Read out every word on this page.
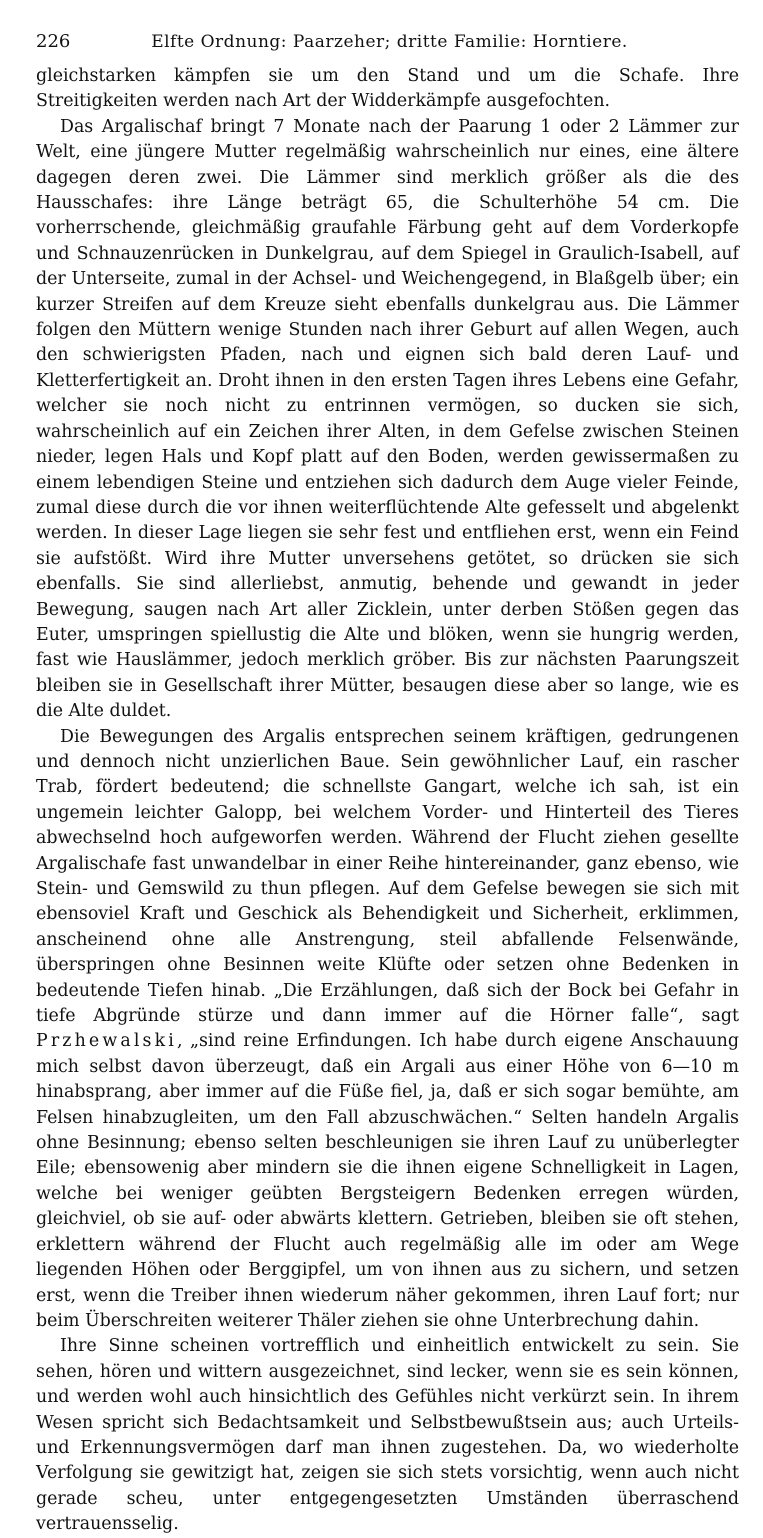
226	Elfte Ordnung: Paarzeher; dritte Familie: Horntiere.

gleichstarken kämpfen sie um den Stand und um die Schafe. Ihre Streitigkeiten werden nach Art der Widderkämpfe ausgefochten.

Das Argalischaf bringt 7 Monate nach der Paarung 1 oder 2 Lämmer zur Welt, eine jüngere Mutter regelmäßig wahrscheinlich nur eines, eine ältere dagegen deren zwei. Die Lämmer sind merklich größer als die des Hausschafes: ihre Länge beträgt 65, die Schulterhöhe 54 cm. Die vorherrschende, gleichmäßig graufahle Färbung geht auf dem Vorderkopfe und Schnauzenrücken in Dunkelgrau, auf dem Spiegel in Graulich-Isabell, auf der Unterseite, zumal in der Achsel- und Weichengegend, in Blaßgelb über; ein kurzer Streifen auf dem Kreuze sieht ebenfalls dunkelgrau aus. Die Lämmer folgen den Müttern wenige Stunden nach ihrer Geburt auf allen Wegen, auch den schwierigsten Pfaden, nach und eignen sich bald deren Lauf- und Kletterfertigkeit an. Droht ihnen in den ersten Tagen ihres Lebens eine Gefahr, welcher sie noch nicht zu entrinnen vermögen, so ducken sie sich, wahrscheinlich auf ein Zeichen ihrer Alten, in dem Gefelse zwischen Steinen nieder, legen Hals und Kopf platt auf den Boden, werden gewissermaßen zu einem lebendigen Steine und entziehen sich dadurch dem Auge vieler Feinde, zumal diese durch die vor ihnen weiterflüchtende Alte gefesselt und abgelenkt werden. In dieser Lage liegen sie sehr fest und entfliehen erst, wenn ein Feind sie aufstößt. Wird ihre Mutter unversehens getötet, so drücken sie sich ebenfalls. Sie sind allerliebst, anmutig, behende und gewandt in jeder Bewegung, saugen nach Art aller Zicklein, unter derben Stößen gegen das Euter, umspringen spiellustig die Alte und blöken, wenn sie hungrig werden, fast wie Hauslämmer, jedoch merklich gröber. Bis zur nächsten Paarungszeit bleiben sie in Gesellschaft ihrer Mütter, besaugen diese aber so lange, wie es die Alte duldet.

Die Bewegungen des Argalis entsprechen seinem kräftigen, gedrungenen und dennoch nicht unzierlichen Baue. Sein gewöhnlicher Lauf, ein rascher Trab, fördert bedeutend; die schnellste Gangart, welche ich sah, ist ein ungemein leichter Galopp, bei welchem Vorder- und Hinterteil des Tieres abwechselnd hoch aufgeworfen werden. Während der Flucht ziehen gesellte Argalischafe fast unwandelbar in einer Reihe hintereinander, ganz ebenso, wie Stein- und Gemswild zu thun pflegen. Auf dem Gefelse bewegen sie sich mit ebensoviel Kraft und Geschick als Behendigkeit und Sicherheit, erklimmen, anscheinend ohne alle Anstrengung, steil abfallende Felsenwände, überspringen ohne Besinnen weite Klüfte oder setzen ohne Bedenken in bedeutende Tiefen hinab. „Die Erzählungen, daß sich der Bock bei Gefahr in tiefe Abgründe stürze und dann immer auf die Hörner falle“, sagt Przhewalski, „sind reine Erfindungen. Ich habe durch eigene Anschauung mich selbst davon überzeugt, daß ein Argali aus einer Höhe von 6—10 m hinabsprang, aber immer auf die Füße fiel, ja, daß er sich sogar bemühte, am Felsen hinabzugleiten, um den Fall abzuschwächen.“ Selten handeln Argalis ohne Besinnung; ebenso selten beschleunigen sie ihren Lauf zu unüberlegter Eile; ebensowenig aber mindern sie die ihnen eigene Schnelligkeit in Lagen, welche bei weniger geübten Bergsteigern Bedenken erregen würden, gleichviel, ob sie auf- oder abwärts klettern. Getrieben, bleiben sie oft stehen, erklettern während der Flucht auch regelmäßig alle im oder am Wege liegenden Höhen oder Berggipfel, um von ihnen aus zu sichern, und setzen erst, wenn die Treiber ihnen wiederum näher gekommen, ihren Lauf fort; nur beim Überschreiten weiterer Thäler ziehen sie ohne Unterbrechung dahin.

Ihre Sinne scheinen vortrefflich und einheitlich entwickelt zu sein. Sie sehen, hören und wittern ausgezeichnet, sind lecker, wenn sie es sein können, und werden wohl auch hinsichtlich des Gefühles nicht verkürzt sein. In ihrem Wesen spricht sich Bedachtsamkeit und Selbstbewußtsein aus; auch Urteils- und Erkennungsvermögen darf man ihnen zugestehen. Da, wo wiederholte Verfolgung sie gewitzigt hat, zeigen sie sich stets vorsichtig, wenn auch nicht gerade scheu, unter entgegengesetzten Umständen überraschend vertrauensselig.
